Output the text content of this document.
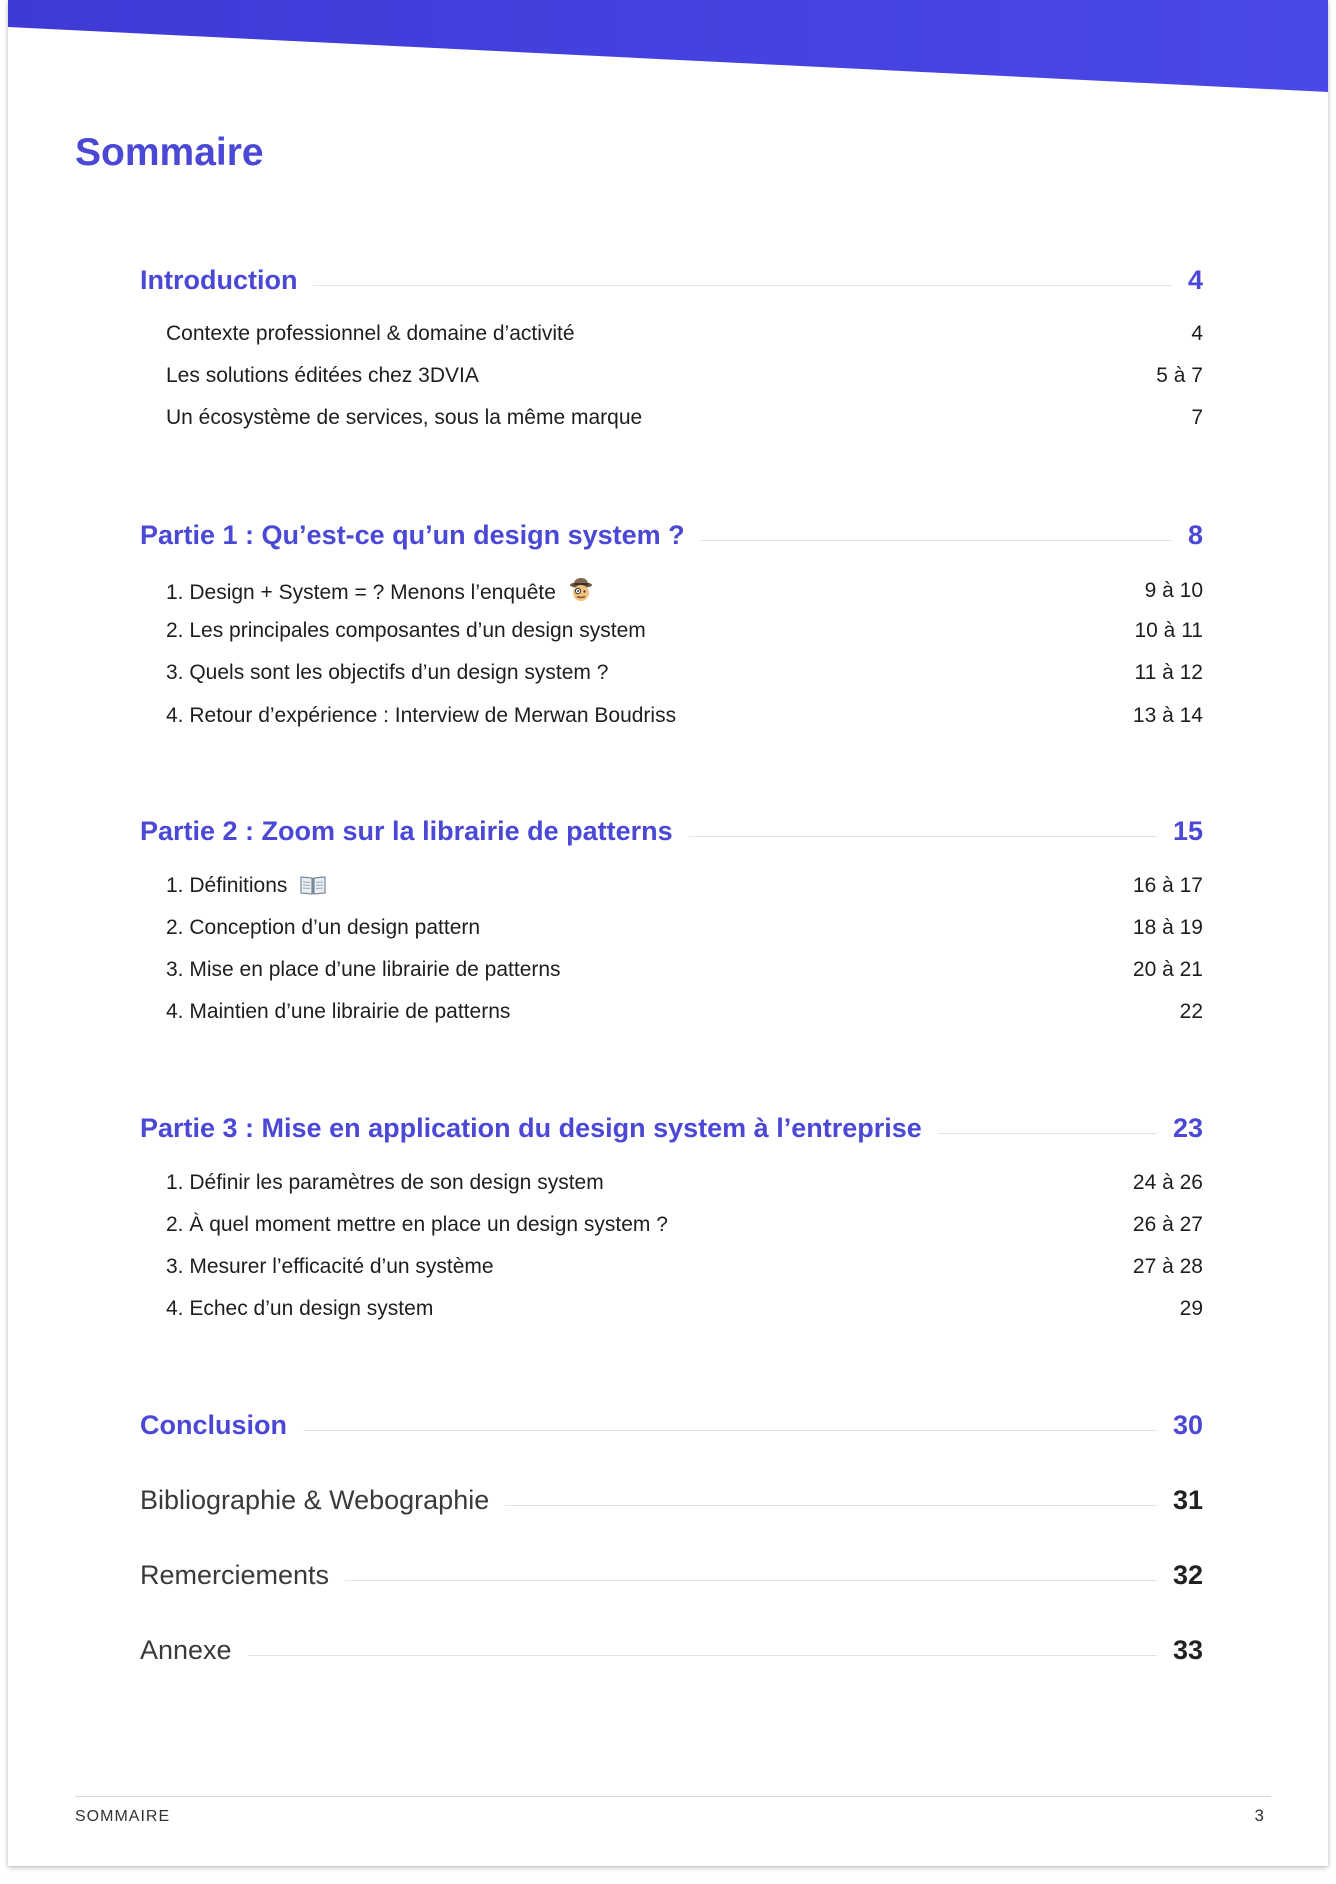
Sommaire
Introduction	4
Contexte professionnel & domaine d’activité	4
Les solutions éditées chez 3DVIA	5 à 7
Un écosystème de services, sous la même marque	7
Partie 1 : Qu’est-ce qu’un design system ?	8
1. Design + System = ? Menons l’enquête	9 à 10
2. Les principales composantes d’un design system	10 à 11
3. Quels sont les objectifs d’un design system ?	11 à 12
4. Retour d’expérience : Interview de Merwan Boudriss	13 à 14
Partie 2 : Zoom sur la librairie de patterns	15
1. Définitions	16 à 17
2. Conception d’un design pattern	18 à 19
3. Mise en place d’une librairie de patterns	20 à 21
4. Maintien d’une librairie de patterns	22
Partie 3 : Mise en application du design system à l’entreprise	23
1. Définir les paramètres de son design system	24 à 26
2. À quel moment mettre en place un design system ?	26 à 27
3. Mesurer l’efficacité d’un système	27 à 28
4. Echec d’un design system	29
Conclusion	30
Bibliographie & Webographie	31
Remerciements	32
Annexe	33
SOMMAIRE	3
